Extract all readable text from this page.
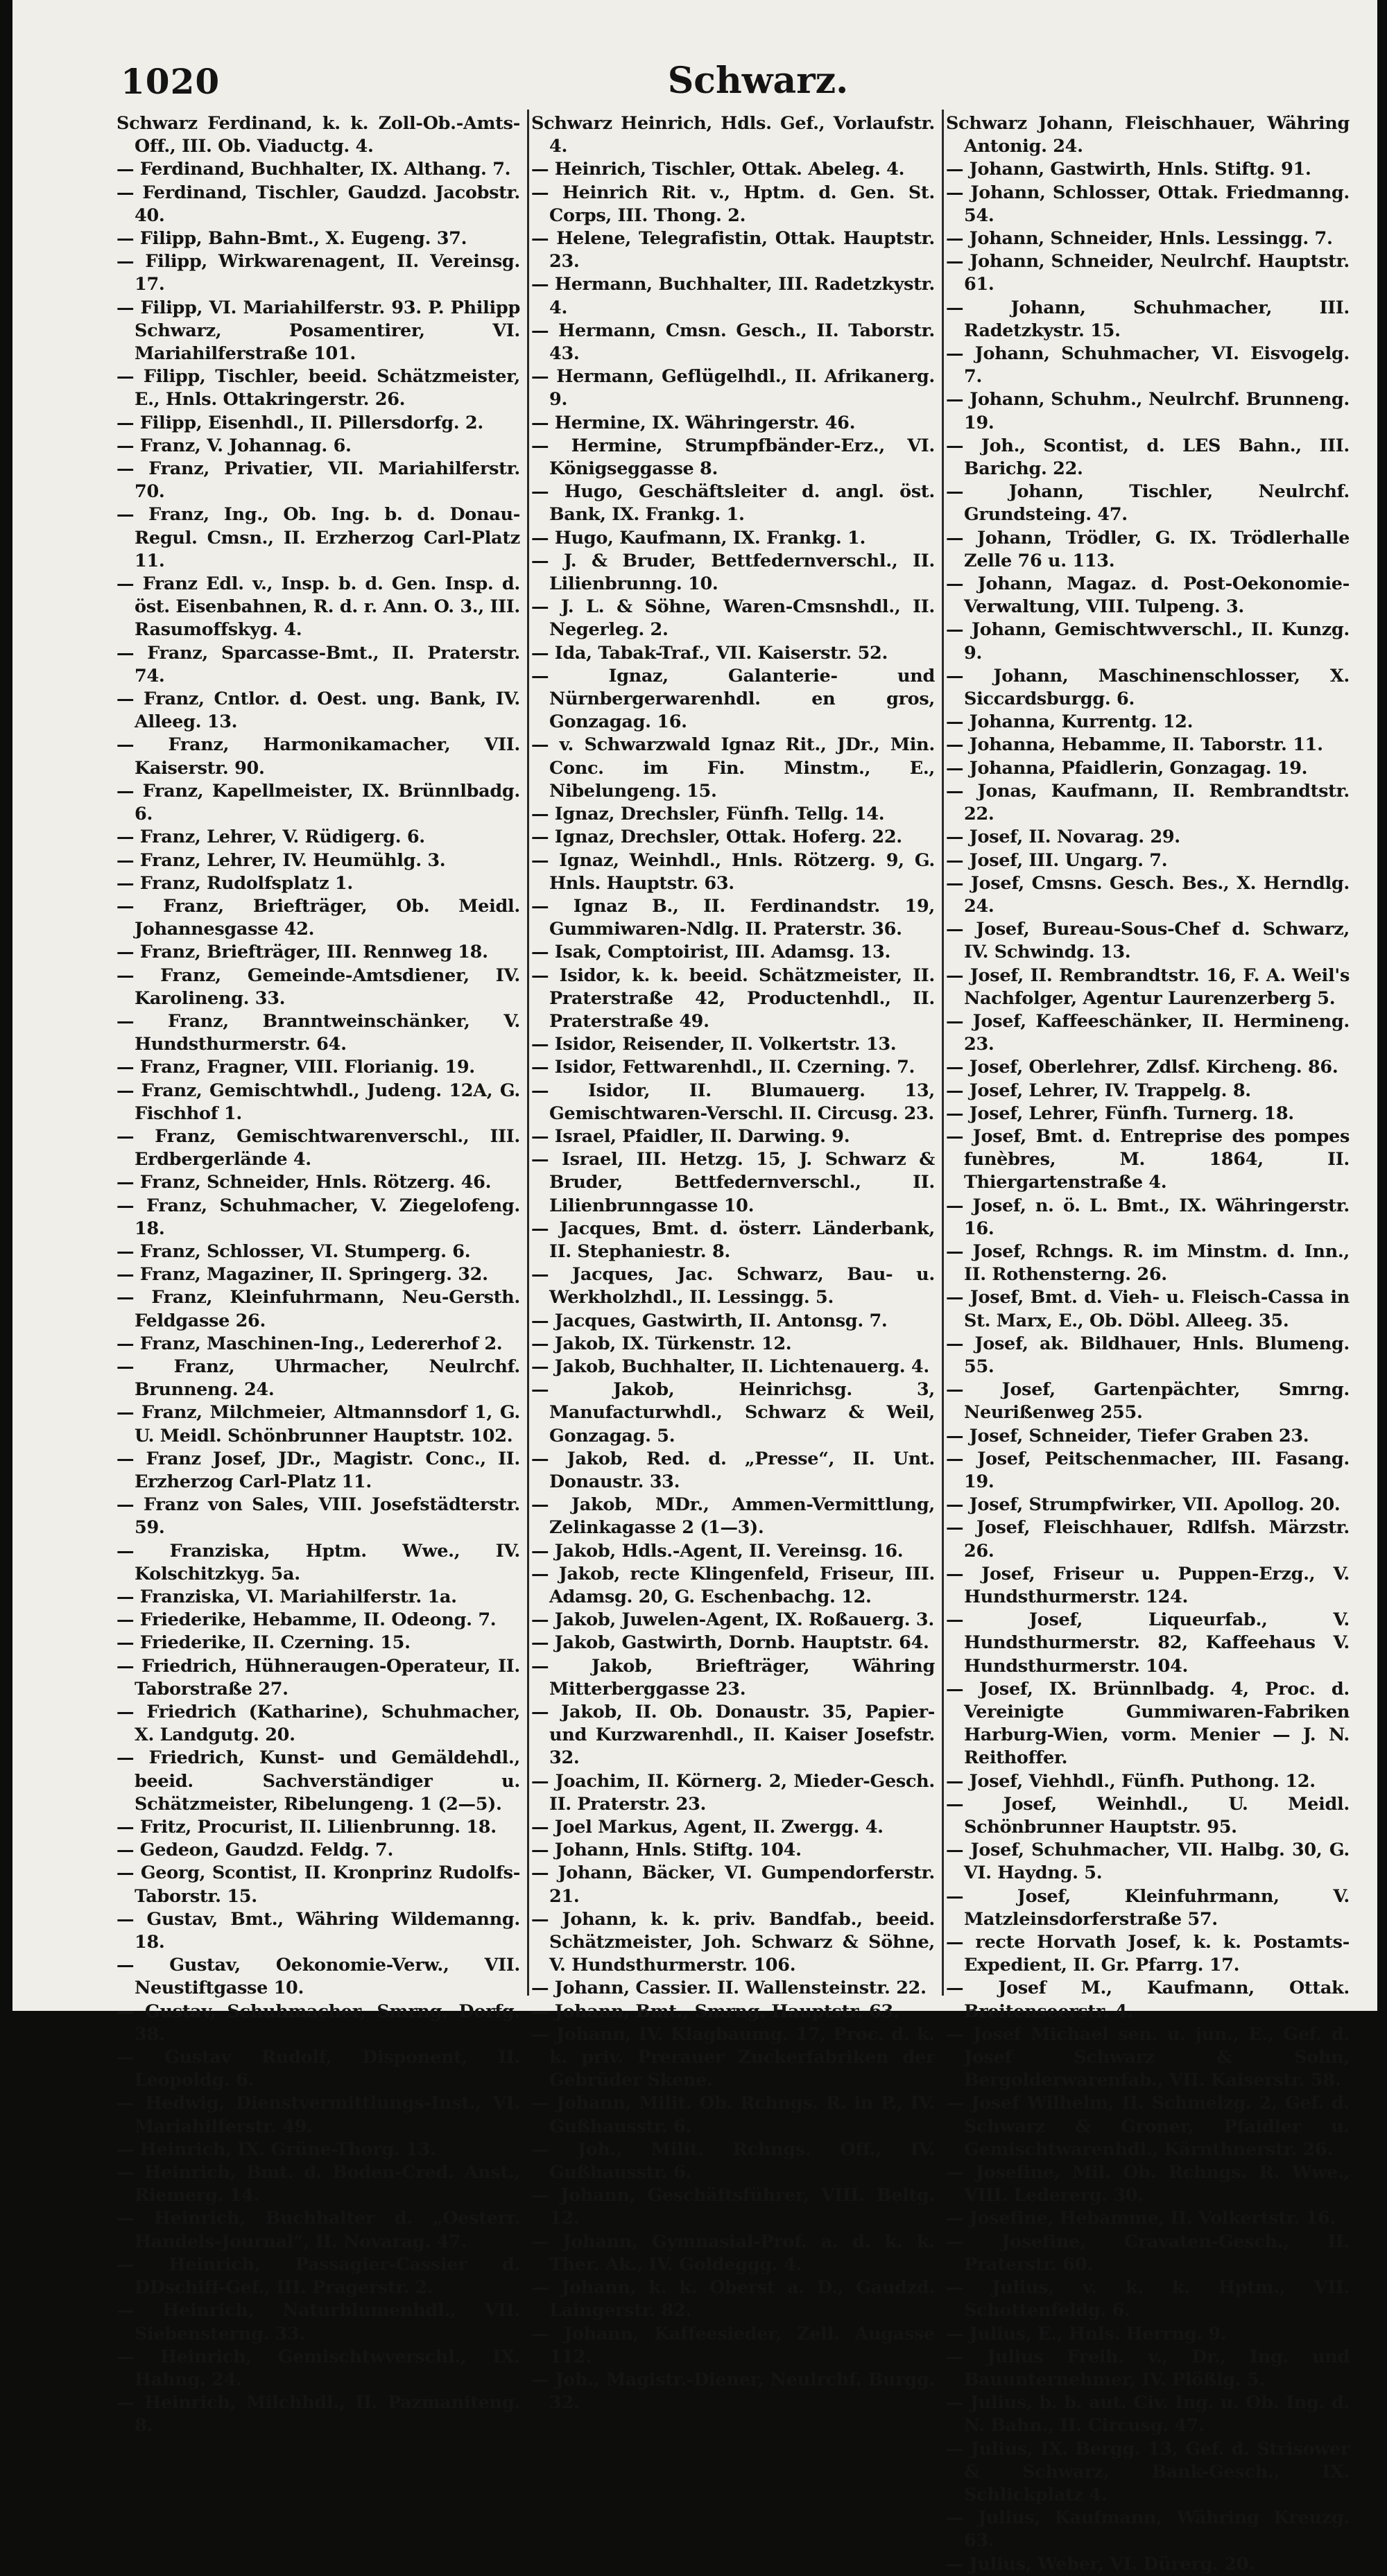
1020	Schwarz.

Schwarz Ferdinand, k. k. Zoll-Ob.-Amts-Off., III. Ob. Viaductg. 4.

— Ferdinand, Buchhalter, IX. Althang. 7.

— Ferdinand, Tischler, Gaudzd. Jacobstr. 40.

— Filipp, Bahn-Bmt., X. Eugeng. 37.

— Filipp, Wirkwarenagent, II. Vereinsg. 17.

— Filipp, VI. Mariahilferstr. 93. P. Philipp Schwarz, Posamentirer, VI. Mariahilferstraße 101.

— Filipp, Tischler, beeid. Schätzmeister, E., Hnls. Ottakringerstr. 26.

— Filipp, Eisenhdl., II. Pillersdorfg. 2.

— Franz, V. Johannag. 6.

— Franz, Privatier, VII. Mariahilferstr. 70.

— Franz, Ing., Ob. Ing. b. d. Donau-Regul. Cmsn., II. Erzherzog Carl-Platz 11.

— Franz Edl. v., Insp. b. d. Gen. Insp. d. öst. Eisenbahnen, R. d. r. Ann. O. 3., III. Rasumoffskyg. 4.

— Franz, Sparcasse-Bmt., II. Praterstr. 74.

— Franz, Cntlor. d. Oest. ung. Bank, IV. Alleeg. 13.

— Franz, Harmonikamacher, VII. Kaiserstr. 90.

— Franz, Kapellmeister, IX. Brünnlbadg. 6.

— Franz, Lehrer, V. Rüdigerg. 6.

— Franz, Lehrer, IV. Heumühlg. 3.

— Franz, Rudolfsplatz 1.

— Franz, Briefträger, Ob. Meidl. Johannesgasse 42.

— Franz, Briefträger, III. Rennweg 18.

— Franz, Gemeinde-Amtsdiener, IV. Karolineng. 33.

— Franz, Branntweinschänker, V. Hundsthurmerstr. 64.

— Franz, Fragner, VIII. Florianig. 19.

— Franz, Gemischtwhdl., Judeng. 12A, G. Fischhof 1.

— Franz, Gemischtwarenverschl., III. Erdbergerlände 4.

— Franz, Schneider, Hnls. Rötzerg. 46.

— Franz, Schuhmacher, V. Ziegelofeng. 18.

— Franz, Schlosser, VI. Stumperg. 6.

— Franz, Magaziner, II. Springerg. 32.

— Franz, Kleinfuhrmann, Neu-Gersth. Feldgasse 26.

— Franz, Maschinen-Ing., Ledererhof 2.

— Franz, Uhrmacher, Neulrchf. Brunneng. 24.

— Franz, Milchmeier, Altmannsdorf 1, G. U. Meidl. Schönbrunner Hauptstr. 102.

— Franz Josef, JDr., Magistr. Conc., II. Erzherzog Carl-Platz 11.

— Franz von Sales, VIII. Josefstädterstr. 59.

— Franziska, Hptm. Wwe., IV. Kolschitzkyg. 5a.

— Franziska, VI. Mariahilferstr. 1a.

— Friederike, Hebamme, II. Odeong. 7.

— Friederike, II. Czerning. 15.

— Friedrich, Hühneraugen-Operateur, II. Taborstraße 27.

— Friedrich (Katharine), Schuhmacher, X. Landgutg. 20.

— Friedrich, Kunst- und Gemäldehdl., beeid. Sachverständiger u. Schätzmeister, Ribelungeng. 1 (2—5).

— Fritz, Procurist, II. Lilienbrunng. 18.

— Gedeon, Gaudzd. Feldg. 7.

— Georg, Scontist, II. Kronprinz Rudolfs-Taborstr. 15.

— Gustav, Bmt., Währing Wildemanng. 18.

— Gustav, Oekonomie-Verw., VII. Neustiftgasse 10.

— Gustav, Schuhmacher, Smrng. Dorfg. 38.

— Gustav Rudolf, Disponent, II. Leopoldg. 6.

— Hedwig, Dienstvermittlungs-Inst., VI. Mariahilferstr. 49.

— Heinrich, IX. Grüne-Thorg. 13.

— Heinrich, Bmt. d. Boden-Cred. Anst., Riemerg. 14.

— Heinrich, Buchhalter d. „Oesterr. Handels-Journal“, II. Novarag. 47.

— Heinrich, Passagier-Cassier d. DDschiff-Gef., III. Pragerstr. 2.

— Heinrich, Naturblumenhdl., VII. Siebensterng. 33.

— Heinrich, Gemischtwverschl., IX. Hahng. 24.

— Heinrich, Milchhdl., II. Pazmaniteng. 8.

Schwarz Heinrich, Hdls. Gef., Vorlaufstr. 4.

— Heinrich, Tischler, Ottak. Abeleg. 4.

— Heinrich Rit. v., Hptm. d. Gen. St. Corps, III. Thong. 2.

— Helene, Telegrafistin, Ottak. Hauptstr. 23.

— Hermann, Buchhalter, III. Radetzkystr. 4.

— Hermann, Cmsn. Gesch., II. Taborstr. 43.

— Hermann, Geflügelhdl., II. Afrikanerg. 9.

— Hermine, IX. Währingerstr. 46.

— Hermine, Strumpfbänder-Erz., VI. Königseggasse 8.

— Hugo, Geschäftsleiter d. angl. öst. Bank, IX. Frankg. 1.

— Hugo, Kaufmann, IX. Frankg. 1.

— J. & Bruder, Bettfedernverschl., II. Lilienbrunng. 10.

— J. L. & Söhne, Waren-Cmsnshdl., II. Negerleg. 2.

— Ida, Tabak-Traf., VII. Kaiserstr. 52.

— Ignaz, Galanterie- und Nürnbergerwarenhdl. en gros, Gonzagag. 16.

— v. Schwarzwald Ignaz Rit., JDr., Min. Conc. im Fin. Minstm., E., Nibelungeng. 15.

— Ignaz, Drechsler, Fünfh. Tellg. 14.

— Ignaz, Drechsler, Ottak. Hoferg. 22.

— Ignaz, Weinhdl., Hnls. Rötzerg. 9, G. Hnls. Hauptstr. 63.

— Ignaz B., II. Ferdinandstr. 19, Gummiwaren-Ndlg. II. Praterstr. 36.

— Isak, Comptoirist, III. Adamsg. 13.

— Isidor, k. k. beeid. Schätzmeister, II. Praterstraße 42, Productenhdl., II. Praterstraße 49.

— Isidor, Reisender, II. Volkertstr. 13.

— Isidor, Fettwarenhdl., II. Czerning. 7.

— Isidor, II. Blumauerg. 13, Gemischtwaren-Verschl. II. Circusg. 23.

— Israel, Pfaidler, II. Darwing. 9.

— Israel, III. Hetzg. 15, J. Schwarz & Bruder, Bettfedernverschl., II. Lilienbrunngasse 10.

— Jacques, Bmt. d. österr. Länderbank, II. Stephaniestr. 8.

— Jacques, Jac. Schwarz, Bau- u. Werkholzhdl., II. Lessingg. 5.

— Jacques, Gastwirth, II. Antonsg. 7.

— Jakob, IX. Türkenstr. 12.

— Jakob, Buchhalter, II. Lichtenauerg. 4.

— Jakob, Heinrichsg. 3, Manufacturwhdl., Schwarz & Weil, Gonzagag. 5.

— Jakob, Red. d. „Presse“, II. Unt. Donaustr. 33.

— Jakob, MDr., Ammen-Vermittlung, Zelinkagasse 2 (1—3).

— Jakob, Hdls.-Agent, II. Vereinsg. 16.

— Jakob, recte Klingenfeld, Friseur, III. Adamsg. 20, G. Eschenbachg. 12.

— Jakob, Juwelen-Agent, IX. Roßauerg. 3.

— Jakob, Gastwirth, Dornb. Hauptstr. 64.

— Jakob, Briefträger, Währing Mitterberggasse 23.

— Jakob, II. Ob. Donaustr. 35, Papier- und Kurzwarenhdl., II. Kaiser Josefstr. 32.

— Joachim, II. Körnerg. 2, Mieder-Gesch. II. Praterstr. 23.

— Joel Markus, Agent, II. Zwergg. 4.

— Johann, Hnls. Stiftg. 104.

— Johann, Bäcker, VI. Gumpendorferstr. 21.

— Johann, k. k. priv. Bandfab., beeid. Schätzmeister, Joh. Schwarz & Söhne, V. Hundsthurmerstr. 106.

— Johann, Cassier. II. Wallensteinstr. 22.

— Johann, Bmt., Smrng. Hauptstr. 63.

— Johann, IV. Klagbaumg. 17, Proc. d. k. k. priv. Prerauer Zuckerfabriken der Gebrüder Skene.

— Johann, Milit. Ob. Rchngs. R. in P., IV. Gußhausstr. 6.

— Joh., Milit. Rchngs. Off., IV. Gußhausstr. 6.

— Johann, Geschäftsführer, VIII. Beltg. 12.

— Johann, Gymnasial-Prof. a. d. k. k. Ther. Ak., IV. Goldeggg. 4.

— Johann, k. k. Oberst a. D., Gaudzd. Laingerstr. 82.

— Johann, Kaffeesieder, Zell. Augasse 112.

— Joh., Magistr.-Diener, Neulrchf. Burgg. 32.

Schwarz Johann, Fleischhauer, Währing Antonig. 24.

— Johann, Gastwirth, Hnls. Stiftg. 91.

— Johann, Schlosser, Ottak. Friedmanng. 54.

— Johann, Schneider, Hnls. Lessingg. 7.

— Johann, Schneider, Neulrchf. Hauptstr. 61.

— Johann, Schuhmacher, III. Radetzkystr. 15.

— Johann, Schuhmacher, VI. Eisvogelg. 7.

— Johann, Schuhm., Neulrchf. Brunneng. 19.

— Joh., Scontist, d. LES Bahn., III. Barichg. 22.

— Johann, Tischler, Neulrchf. Grundsteing. 47.

— Johann, Trödler, G. IX. Trödlerhalle Zelle 76 u. 113.

— Johann, Magaz. d. Post-Oekonomie-Verwaltung, VIII. Tulpeng. 3.

— Johann, Gemischtwverschl., II. Kunzg. 9.

— Johann, Maschinenschlosser, X. Siccardsburgg. 6.

— Johanna, Kurrentg. 12.

— Johanna, Hebamme, II. Taborstr. 11.

— Johanna, Pfaidlerin, Gonzagag. 19.

— Jonas, Kaufmann, II. Rembrandtstr. 22.

— Josef, II. Novarag. 29.

— Josef, III. Ungarg. 7.

— Josef, Cmsns. Gesch. Bes., X. Herndlg. 24.

— Josef, Bureau-Sous-Chef d. Schwarz, IV. Schwindg. 13.

— Josef, II. Rembrandtstr. 16, F. A. Weil's Nachfolger, Agentur Laurenzerberg 5.

— Josef, Kaffeeschänker, II. Hermineng. 23.

— Josef, Oberlehrer, Zdlsf. Kircheng. 86.

— Josef, Lehrer, IV. Trappelg. 8.

— Josef, Lehrer, Fünfh. Turnerg. 18.

— Josef, Bmt. d. Entreprise des pompes funèbres, M. 1864, II. Thiergartenstraße 4.

— Josef, n. ö. L. Bmt., IX. Währingerstr. 16.

— Josef, Rchngs. R. im Minstm. d. Inn., II. Rothensterng. 26.

— Josef, Bmt. d. Vieh- u. Fleisch-Cassa in St. Marx, E., Ob. Döbl. Alleeg. 35.

— Josef, ak. Bildhauer, Hnls. Blumeng. 55.

— Josef, Gartenpächter, Smrng. Neurißenweg 255.

— Josef, Schneider, Tiefer Graben 23.

— Josef, Peitschenmacher, III. Fasang. 19.

— Josef, Strumpfwirker, VII. Apollog. 20.

— Josef, Fleischhauer, Rdlfsh. Märzstr. 26.

— Josef, Friseur u. Puppen-Erzg., V. Hundsthurmerstr. 124.

— Josef, Liqueurfab., V. Hundsthurmerstr. 82, Kaffeehaus V. Hundsthurmerstr. 104.

— Josef, IX. Brünnlbadg. 4, Proc. d. Vereinigte Gummiwaren-Fabriken Harburg-Wien, vorm. Menier — J. N. Reithoffer.

— Josef, Viehhdl., Fünfh. Puthong. 12.

— Josef, Weinhdl., U. Meidl. Schönbrunner Hauptstr. 95.

— Josef, Schuhmacher, VII. Halbg. 30, G. VI. Haydng. 5.

— Josef, Kleinfuhrmann, V. Matzleinsdorferstraße 57.

— recte Horvath Josef, k. k. Postamts-Expedient, II. Gr. Pfarrg. 17.

— Josef M., Kaufmann, Ottak. Breitenseerstr. 4.

— Josef Michael sen. u. jun., E., Gef. d. Josef Schwarz & Sohn, Bergolderwarenfab., VII. Kaiserstr. 58.

— Josef Wilhelm, II. Schmelzg. 2, Gef. d. Schwarz & Groner, Pfaidler u. Gemischtwarenhdl., Kärnthnerstr. 26.

— Josefine, Mil. Ob. Rchngs. R. Wwe., VIII. Ledererg. 30.

— Josefine, Hebamme, II. Volkertstr. 16.

— Josefine, Cravaten-Gesch., II. Praterstr. 60.

— Julius, v. k. k. Hptm., VII. Schottenfeldg. 6.

— Julius, E., Hnls. Herrng. 9.

— Julius Freih. v., Dr., Ing. und Bauunternehmer, IV. Plößlg. 5.

— Julius, b. b. aut. Civ. Ing. u. Ob. Ing. d. N. Bahn., II. Circusg. 47.

— Julius, IX. Bergg. 13, Gef. d. Strisower & Schwarz, Bank-Gesch., IX. Schlickplatz 4.

— Julius, Kaufmann, Währing Kreuzg. 63.

— Julius, Weber, VI. Dürerg. 20.
